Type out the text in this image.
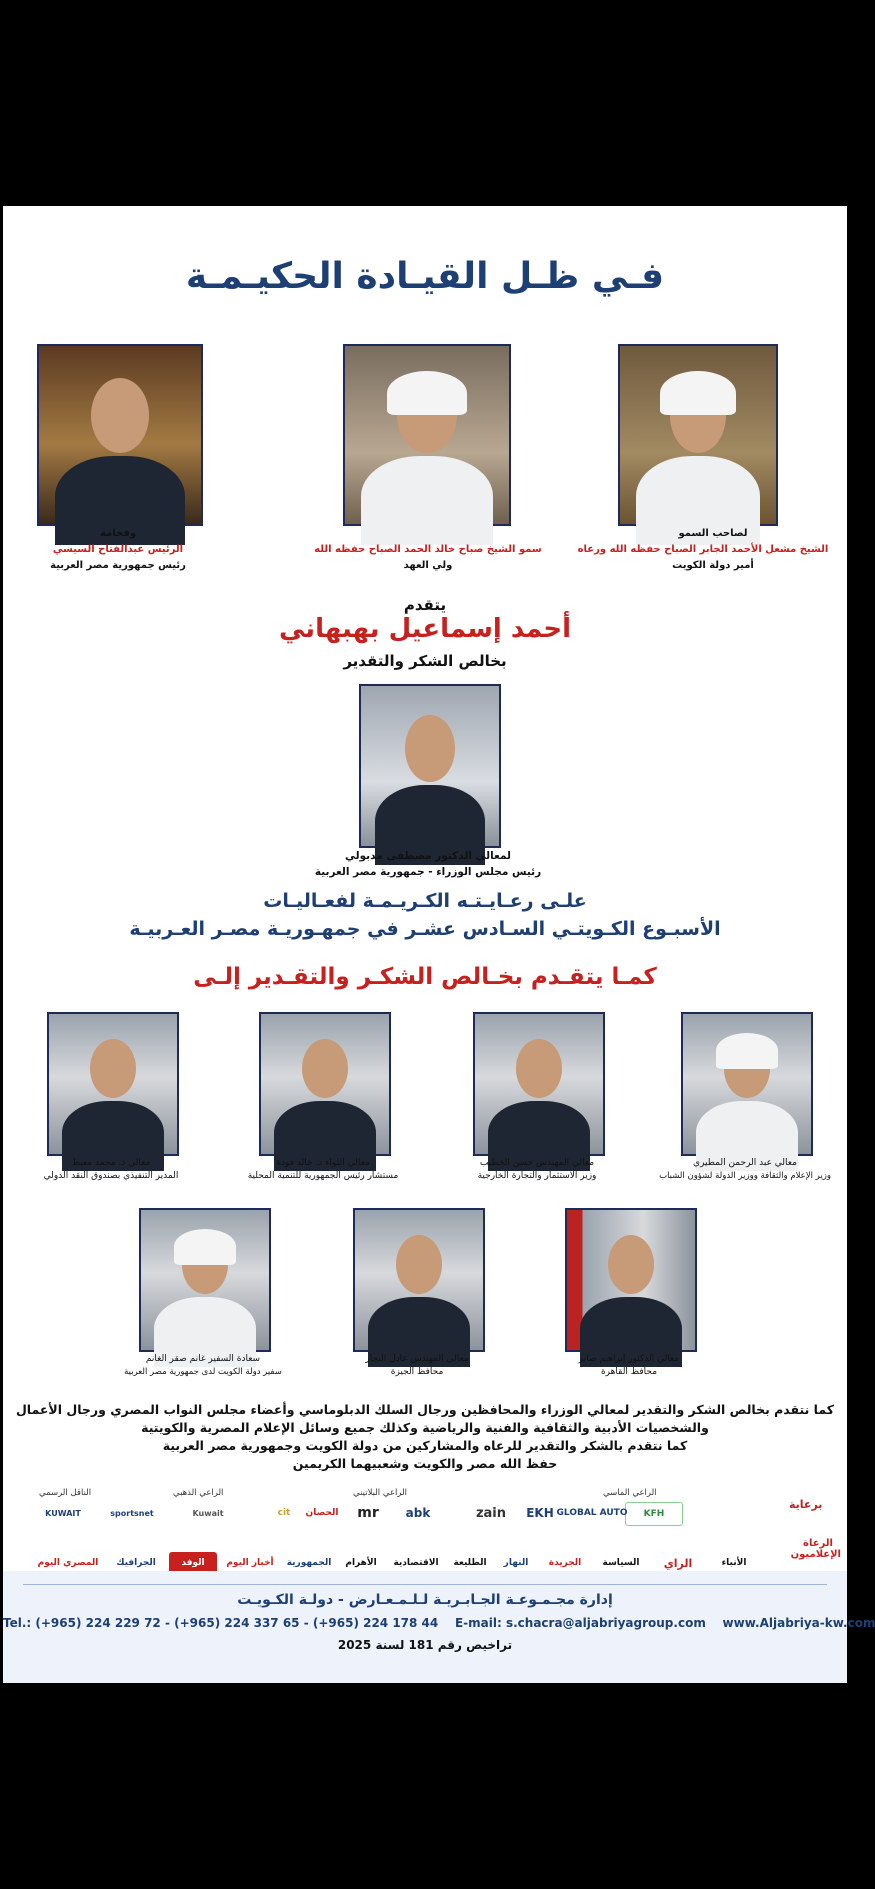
فـي ظـل القيـادة الحكيـمـة
لصاحب السمو
الشيخ مشعل الأحمد الجابر الصباح حفظه الله ورعاه
أمير دولة الكويت
سمو الشيخ صباح خالد الحمد الصباح حفظه الله
ولي العهد
وفخامة
الرئيس عبدالفتاح السيسي
رئيس جمهورية مصر العربية
يتقدم
أحمد إسماعيل بهبهاني
بخالص الشكر والتقدير
لمعالي الدكتور مصطفى مدبولي
رئيس مجلس الوزراء - جمهورية مصر العربية
علـى رعـايـتـه الكـريـمـة لفعـاليـات
الأسبـوع الكـويتـي السـادس عشـر في جمهـوريـة مصـر العـربيـة
كمـا يتقـدم بخـالص الشكـر والتقـدير إلـى
معالي عبد الرحمن المطيري
وزير الإعلام والثقافة ووزير الدولة لشؤون الشباب
معالي المهندس حسن الخطيب
وزير الاستثمار والتجارة الخارجية
معالي اللواء د. خالد فودة
مستشار رئيس الجمهورية للتنمية المحلية
معالي د. محمد معيط
المدير التنفيذي بصندوق النقد الدولي
معالي الدكتور إبراهيم صابر
محافظ القاهرة
معالي المهندس عادل النجار
محافظ الجيزة
سعادة السفير غانم صقر الغانم
سفير دولة الكويت لدى جمهورية مصر العربية
كما نتقدم بخالص الشكر والتقدير لمعالي الوزراء والمحافظين ورجال السلك الدبلوماسي وأعضاء مجلس النواب المصري ورجال الأعمال
والشخصيات الأدبية والثقافية والفنية والرياضية وكذلك جميع وسائل الإعلام المصرية والكويتية
كما نتقدم بالشكر والتقدير للرعاه والمشاركين من دولة الكويت وجمهورية مصر العربية
حفظ الله مصر والكويت وشعبيهما الكريمين
برعاية
الراعي الماسي
الراعي البلاتيني
الراعي الذهبي
الناقل الرسمي
KFH
GLOBAL AUTO
EKH
zain
abk
mr
الحصان
cit
sportsnet	Kuwait
KUWAIT
الرعاة الإعلاميون
الأنباء
الراي
السياسة
الجريدة
النهار
الطليعة
الاقتصادية
الأهرام
الجمهورية
أخبار اليوم
الوفد
الجرافيك
المصري اليوم
إدارة مجـمـوعـة الجـابـريـة لـلـمـعـارض - دولـة الكـويـت
Tel.: (+965) 224 229 72 - (+965) 224 337 65 - (+965) 224 178 44 E-mail: s.chacra@aljabriyagroup.com www.Aljabriya-kw.com
تراخيص رقم 181 لسنة 2025
